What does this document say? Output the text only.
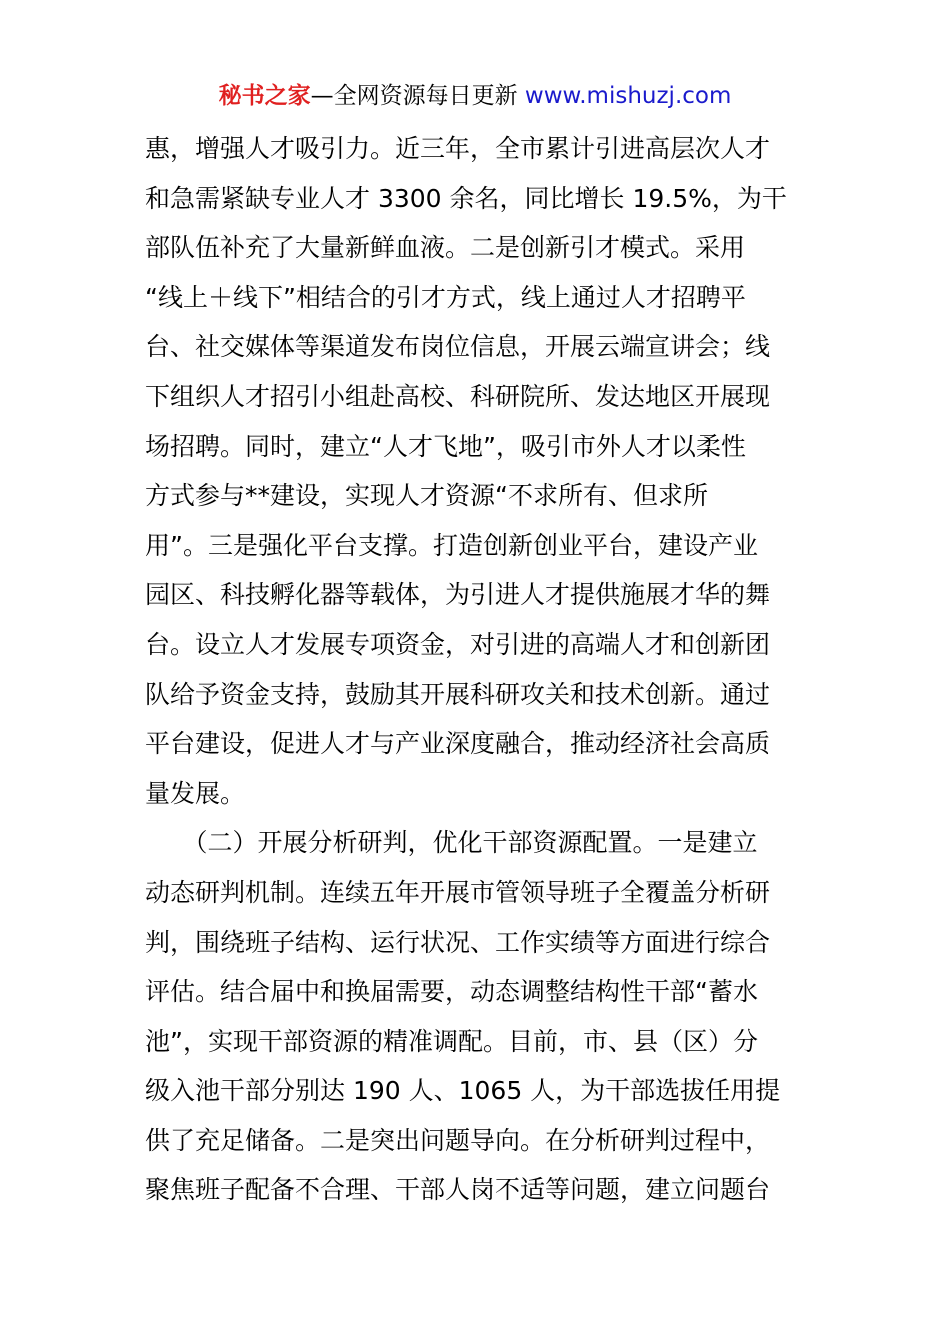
秘书之家—全网资源每日更新 www.mishuzj.com
惠，增强人才吸引力。近三年，全市累计引进高层次人才
和急需紧缺专业人才 3300 余名，同比增长 19.5%，为干
部队伍补充了大量新鲜血液。二是创新引才模式。采用
“线上＋线下”相结合的引才方式，线上通过人才招聘平
台、社交媒体等渠道发布岗位信息，开展云端宣讲会；线
下组织人才招引小组赴高校、科研院所、发达地区开展现
场招聘。同时，建立“人才飞地”，吸引市外人才以柔性
方式参与**建设，实现人才资源“不求所有、但求所
用”。三是强化平台支撑。打造创新创业平台，建设产业
园区、科技孵化器等载体，为引进人才提供施展才华的舞
台。设立人才发展专项资金，对引进的高端人才和创新团
队给予资金支持，鼓励其开展科研攻关和技术创新。通过
平台建设，促进人才与产业深度融合，推动经济社会高质
量发展。
　　（二）开展分析研判，优化干部资源配置。一是建立
动态研判机制。连续五年开展市管领导班子全覆盖分析研
判，围绕班子结构、运行状况、工作实绩等方面进行综合
评估。结合届中和换届需要，动态调整结构性干部“蓄水
池”，实现干部资源的精准调配。目前，市、县（区）分
级入池干部分别达 190 人、1065 人，为干部选拔任用提
供了充足储备。二是突出问题导向。在分析研判过程中，
聚焦班子配备不合理、干部人岗不适等问题，建立问题台
